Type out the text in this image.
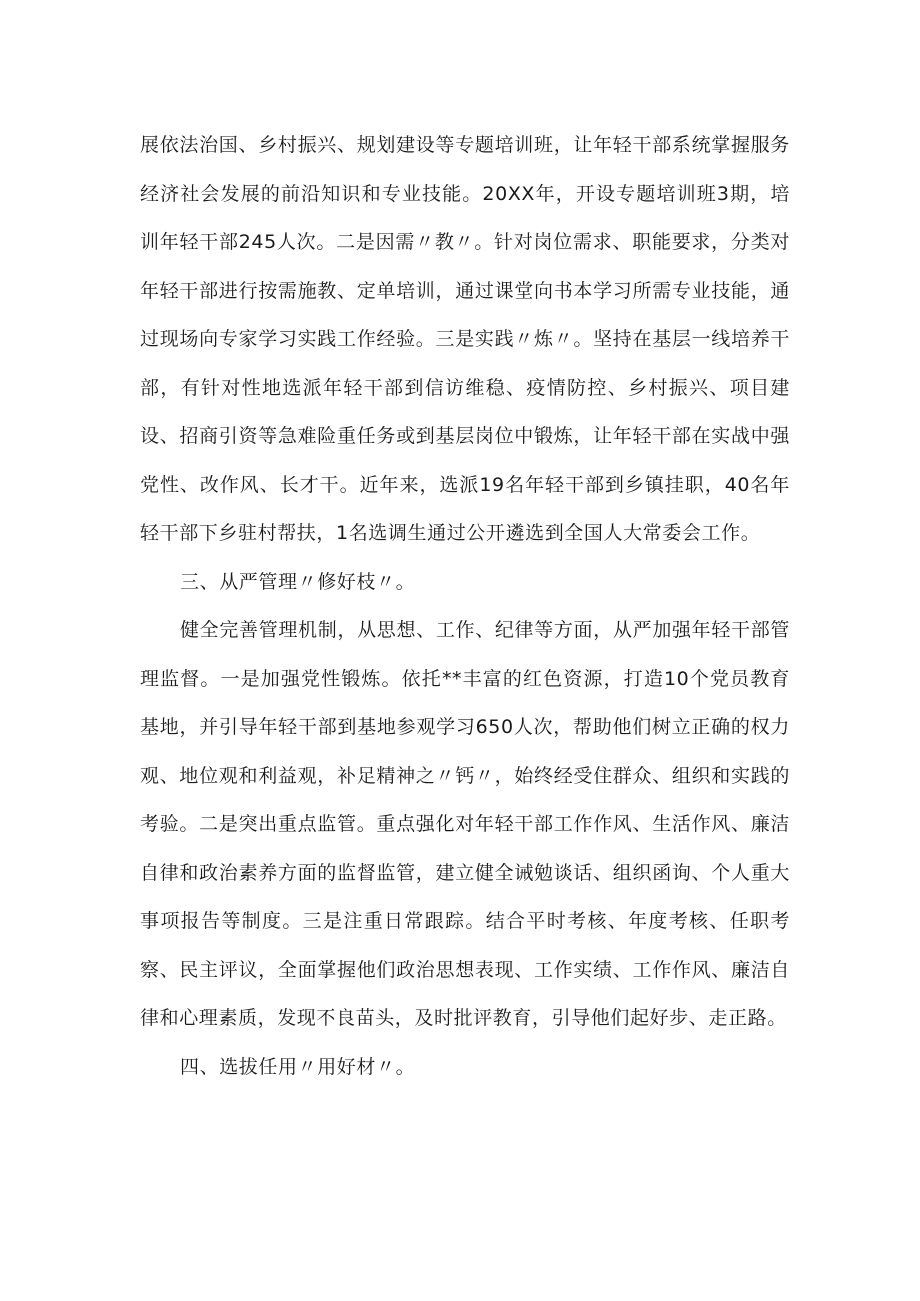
展依法治国、乡村振兴、规划建设等专题培训班，让年轻干部系统掌握服务经济社会发展的前沿知识和专业技能。20XX年，开设专题培训班3期，培训年轻干部245人次。二是因需〃教〃。针对岗位需求、职能要求，分类对年轻干部进行按需施教、定单培训，通过课堂向书本学习所需专业技能，通过现场向专家学习实践工作经验。三是实践〃炼〃。坚持在基层一线培养干部，有针对性地选派年轻干部到信访维稳、疫情防控、乡村振兴、项目建设、招商引资等急难险重任务或到基层岗位中锻炼，让年轻干部在实战中强党性、改作风、长才干。近年来，选派19名年轻干部到乡镇挂职，40名年轻干部下乡驻村帮扶，1名选调生通过公开遴选到全国人大常委会工作。

三、从严管理〃修好枝〃。

健全完善管理机制，从思想、工作、纪律等方面，从严加强年轻干部管理监督。一是加强党性锻炼。依托**丰富的红色资源，打造10个党员教育基地，并引导年轻干部到基地参观学习650人次，帮助他们树立正确的权力观、地位观和利益观，补足精神之〃钙〃，始终经受住群众、组织和实践的考验。二是突出重点监管。重点强化对年轻干部工作作风、生活作风、廉洁自律和政治素养方面的监督监管，建立健全诫勉谈话、组织函询、个人重大事项报告等制度。三是注重日常跟踪。结合平时考核、年度考核、任职考察、民主评议，全面掌握他们政治思想表现、工作实绩、工作作风、廉洁自律和心理素质，发现不良苗头，及时批评教育，引导他们起好步、走正路。

四、选拔任用〃用好材〃。
